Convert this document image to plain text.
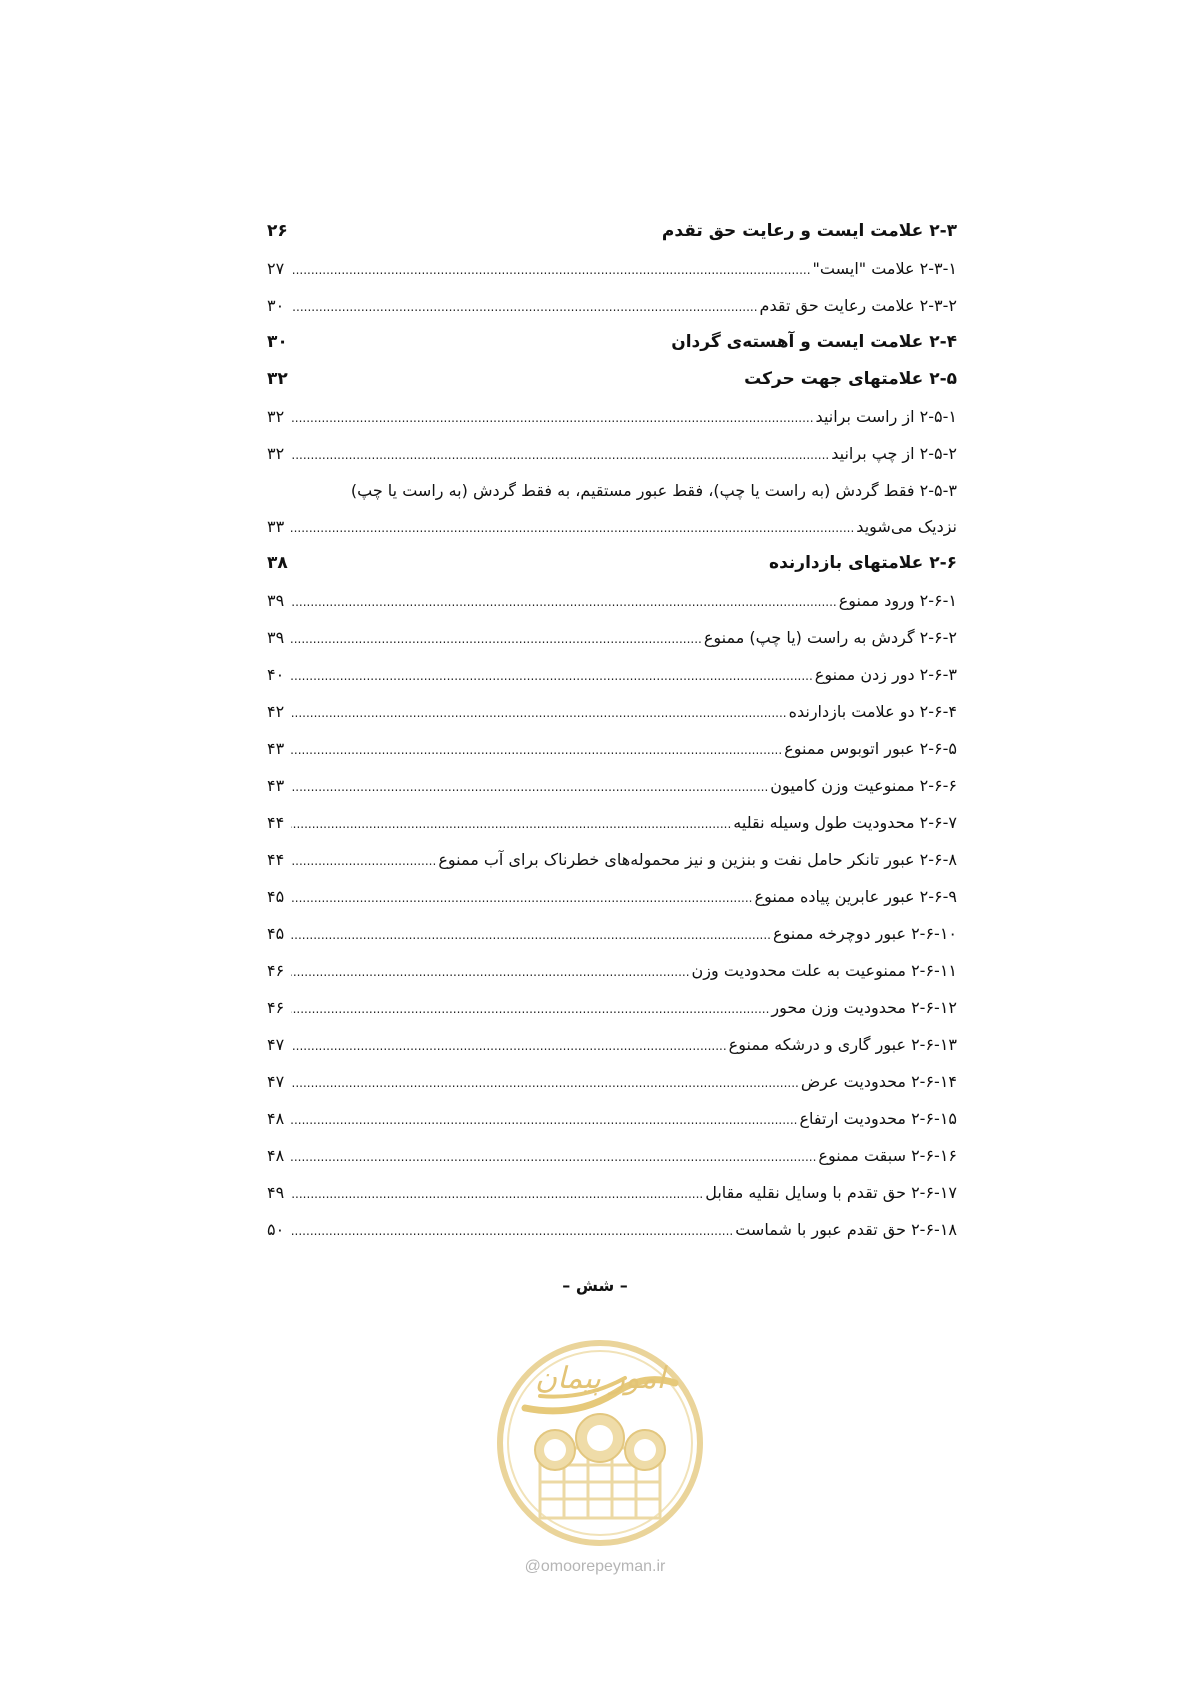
۲-۳ علامت ایست و رعایت حق تقدم
۲۶
۲-۳-۱ علامت "ایست"
.....
۲۷
۲-۳-۲ علامت رعایت حق تقدم
.....
۳۰
۲-۴ علامت ایست و آهسته‌ی گردان
۳۰
۲-۵ علامتهای جهت حرکت
۳۲
۲-۵-۱ از راست برانید
.....
۳۲
۲-۵-۲ از چپ برانید
.....
۳۲
۲-۵-۳ فقط گردش (به راست یا چپ)، فقط عبور مستقیم، به فقط گردش (به راست یا چپ)
نزدیک می‌شوید
.....
۳۳
۲-۶ علامتهای بازدارنده
۳۸
۲-۶-۱ ورود ممنوع
.....
۳۹
۲-۶-۲ گردش به راست (یا چپ) ممنوع
.....
۳۹
۲-۶-۳ دور زدن ممنوع
.....
۴۰
۲-۶-۴ دو علامت بازدارنده
.....
۴۲
۲-۶-۵ عبور اتوبوس ممنوع
.....
۴۳
۲-۶-۶ ممنوعیت وزن کامیون
.....
۴۳
۲-۶-۷ محدودیت طول وسیله نقلیه
.....
۴۴
۲-۶-۸ عبور تانکر حامل نفت و بنزین و نیز محموله‌های خطرناک برای آب ممنوع
.....
۴۴
۲-۶-۹ عبور عابرین پیاده ممنوع
.....
۴۵
۲-۶-۱۰ عبور دوچرخه ممنوع
.....
۴۵
۲-۶-۱۱ ممنوعیت به علت محدودیت وزن
.....
۴۶
۲-۶-۱۲ محدودیت وزن محور
.....
۴۶
۲-۶-۱۳ عبور گاری و درشکه ممنوع
.....
۴۷
۲-۶-۱۴ محدودیت عرض
.....
۴۷
۲-۶-۱۵ محدودیت ارتفاع
.....
۴۸
۲-۶-۱۶ سبقت ممنوع
.....
۴۸
۲-۶-۱۷ حق تقدم با وسایل نقلیه مقابل
.....
۴۹
۲-۶-۱۸ حق تقدم عبور با شماست
.....
۵۰
– شش –
امور پیمان
@omoorepeyman.ir
